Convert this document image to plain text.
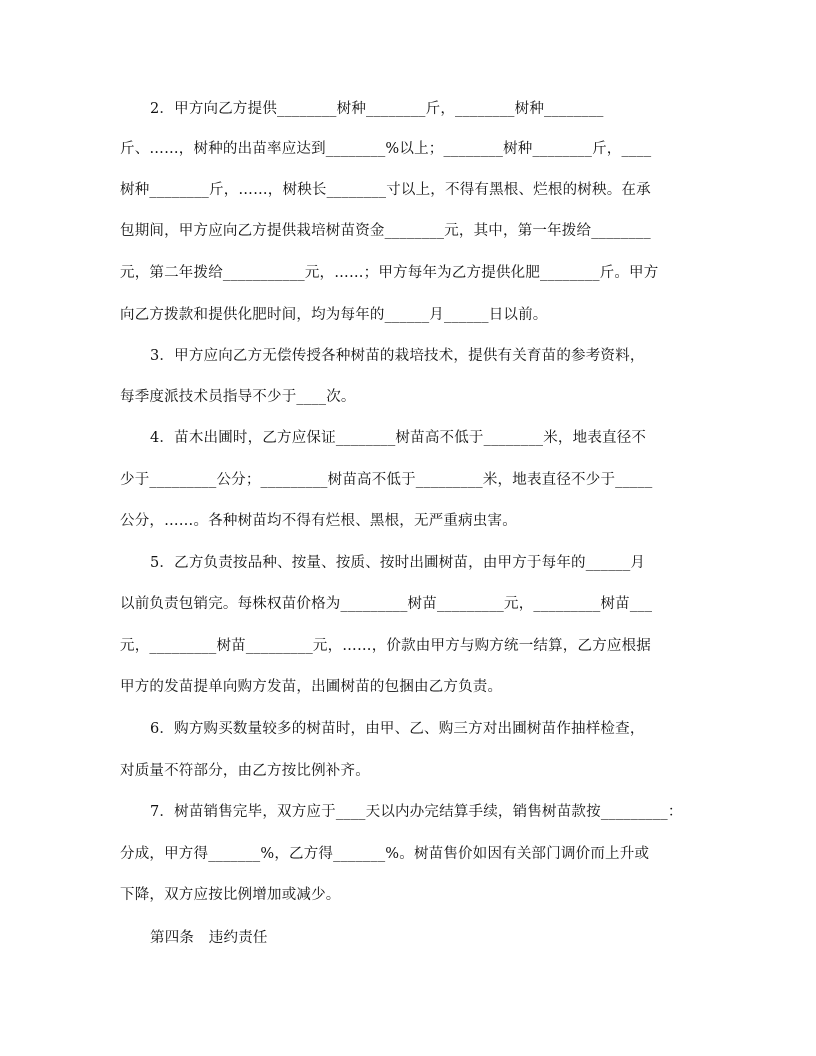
2．甲方向乙方提供________树种________斤，________树种________
斤、……，树种的出苗率应达到________%以上；________树种________斤，____
树种________斤，……，树秧长________寸以上，不得有黑根、烂根的树秧。在承
包期间，甲方应向乙方提供栽培树苗资金________元，其中，第一年拨给________
元，第二年拨给___________元，……；甲方每年为乙方提供化肥________斤。甲方
向乙方拨款和提供化肥时间，均为每年的______月______日以前。
3．甲方应向乙方无偿传授各种树苗的栽培技术，提供有关育苗的参考资料，
每季度派技术员指导不少于____次。
4．苗木出圃时，乙方应保证________树苗高不低于________米，地表直径不
少于_________公分；_________树苗高不低于_________米，地表直径不少于_____
公分，……。各种树苗均不得有烂根、黑根，无严重病虫害。
5．乙方负责按品种、按量、按质、按时出圃树苗，由甲方于每年的______月
以前负责包销完。每株权苗价格为_________树苗_________元，_________树苗___
元，_________树苗_________元，……，价款由甲方与购方统一结算，乙方应根据
甲方的发苗提单向购方发苗，出圃树苗的包捆由乙方负责。
6．购方购买数量较多的树苗时，由甲、乙、购三方对出圃树苗作抽样检查，
对质量不符部分，由乙方按比例补齐。
7．树苗销售完毕，双方应于____天以内办完结算手续，销售树苗款按_________：
分成，甲方得_______%，乙方得_______%。树苗售价如因有关部门调价而上升或
下降，双方应按比例增加或减少。
第四条　违约责任
